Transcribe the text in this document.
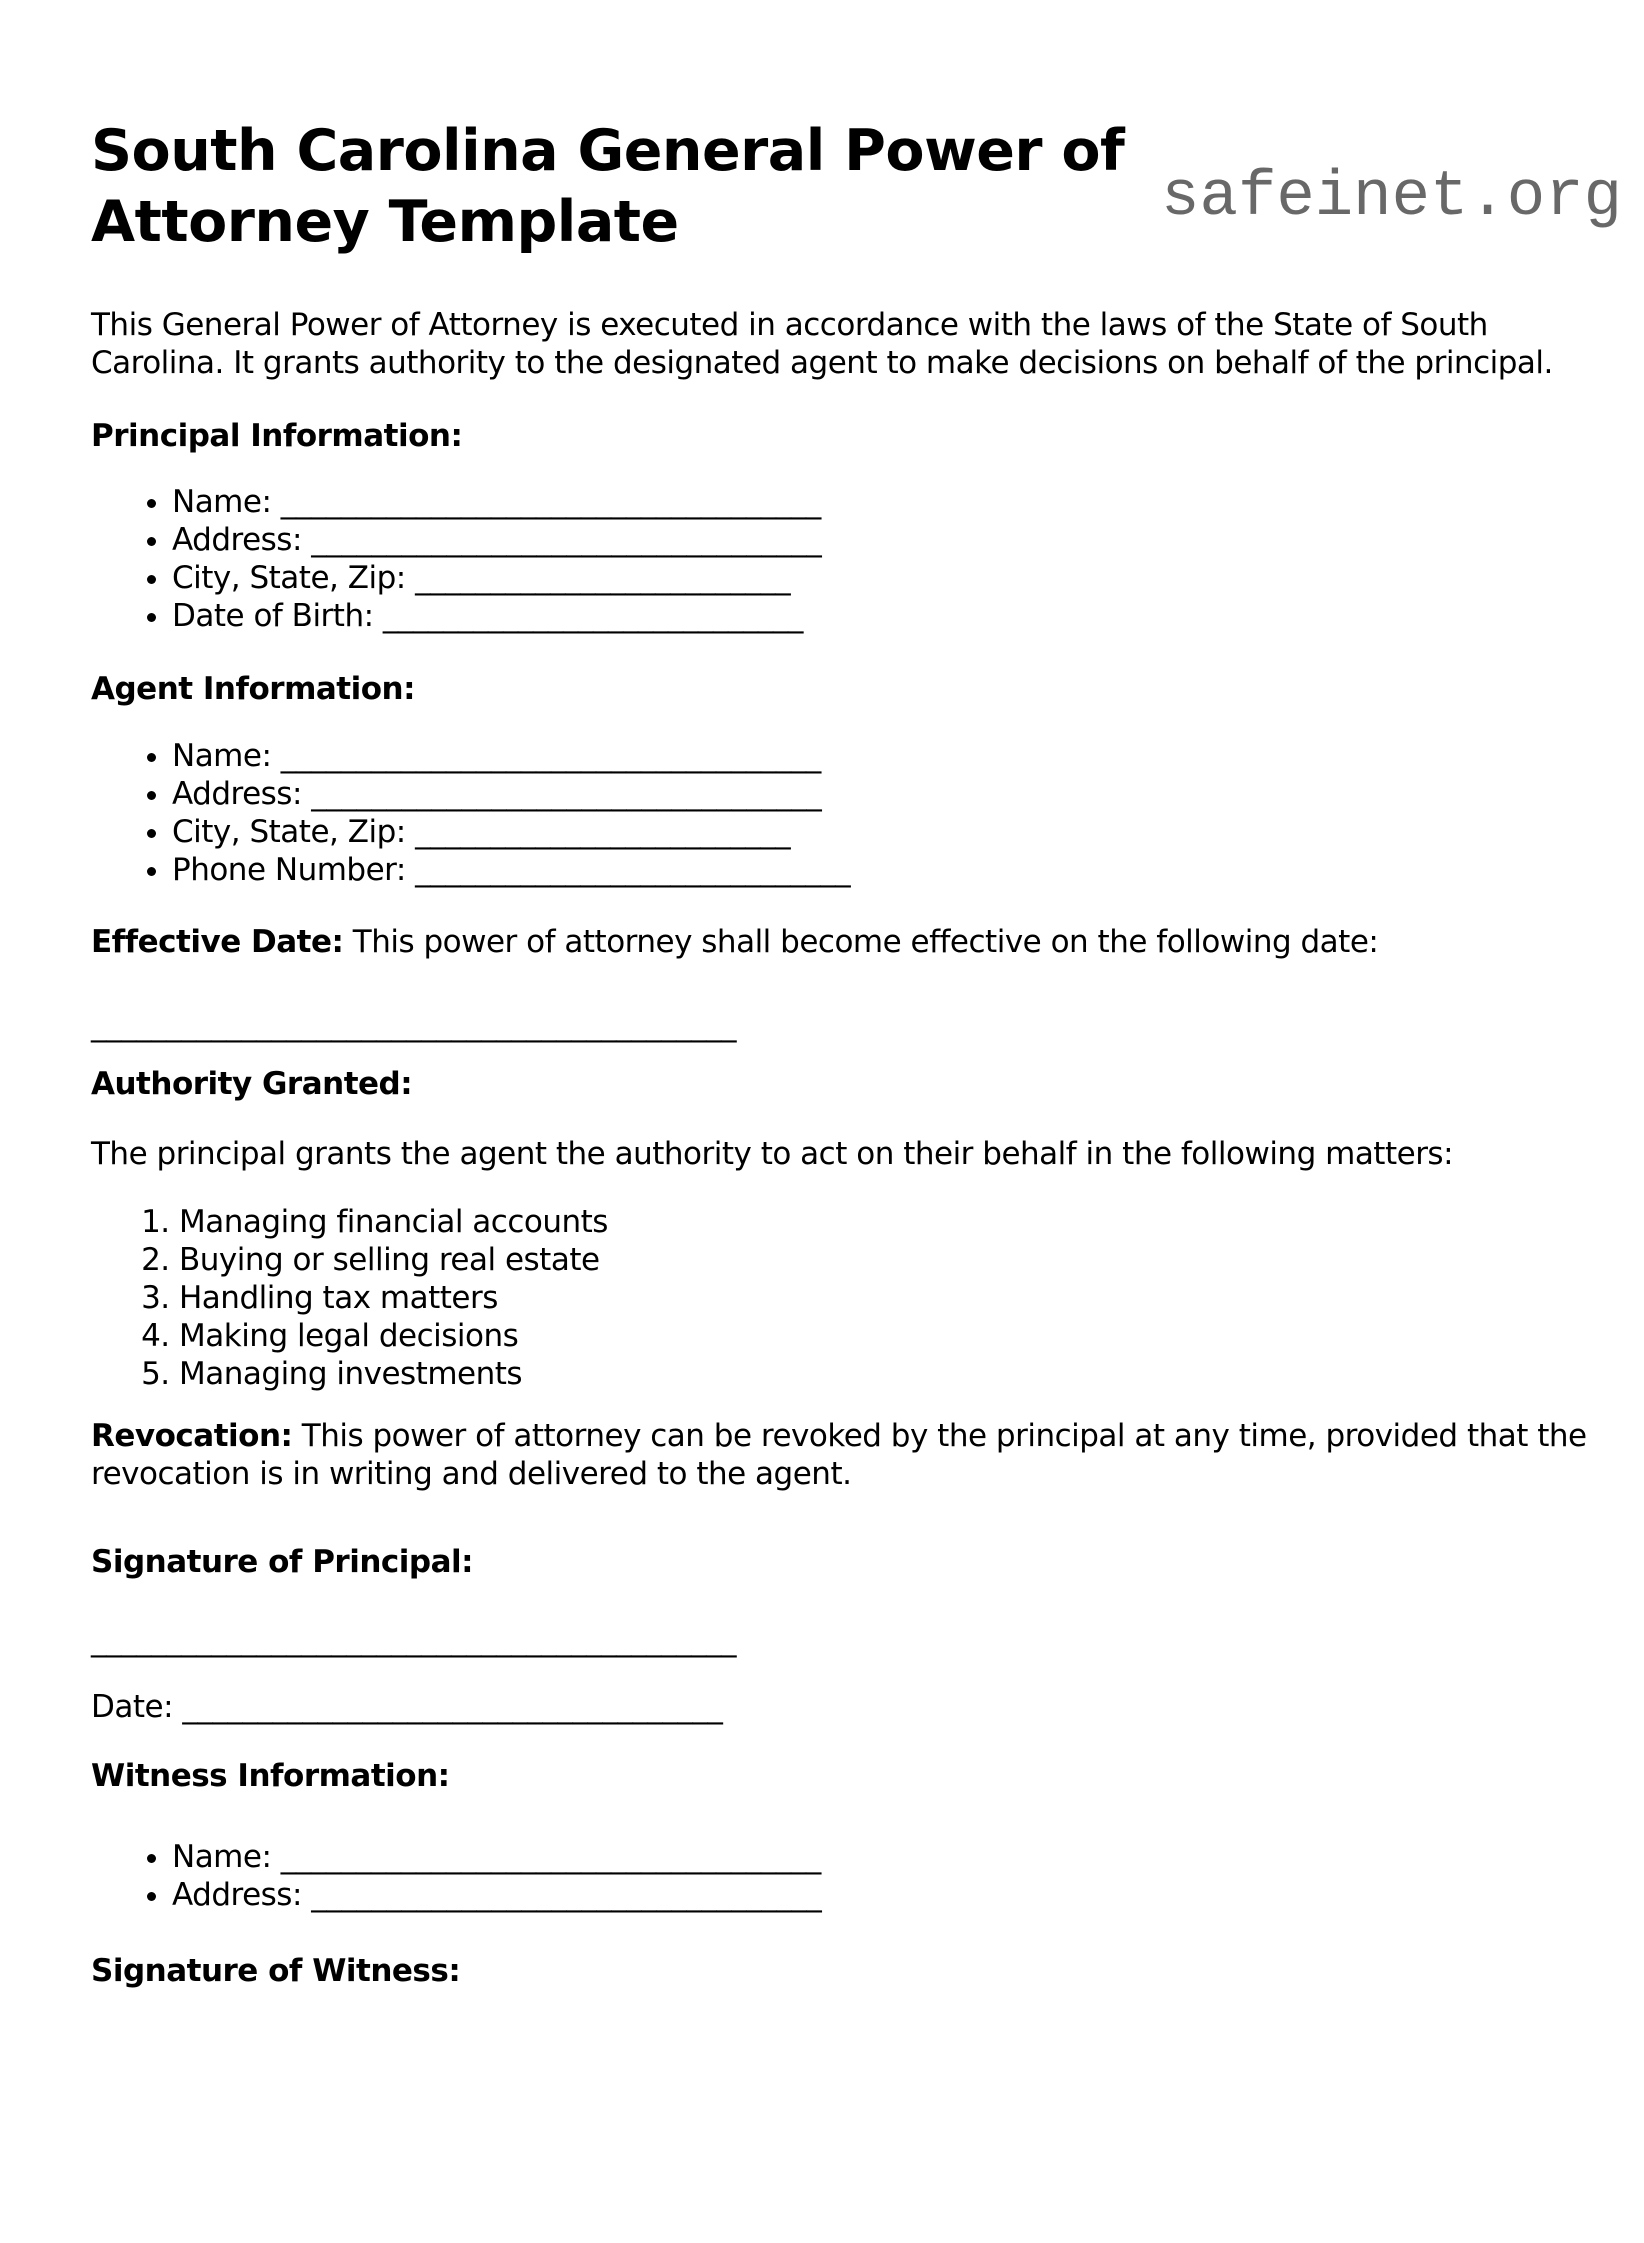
safeinet.org
South Carolina General Power of Attorney Template

This General Power of Attorney is executed in accordance with the laws of the State of South Carolina. It grants authority to the designated agent to make decisions on behalf of the principal.

Principal Information:
• Name: ____________________________________
• Address: __________________________________
• City, State, Zip: _________________________
• Date of Birth: ____________________________
Agent Information:
• Name: ____________________________________
• Address: __________________________________
• City, State, Zip: _________________________
• Phone Number: _____________________________

Effective Date: This power of attorney shall become effective on the following date:

___________________________________________

Authority Granted:

The principal grants the agent the authority to act on their behalf in the following matters:

1. Managing financial accounts
2. Buying or selling real estate
3. Handling tax matters
4. Making legal decisions
5. Managing investments

Revocation: This power of attorney can be revoked by the principal at any time, provided that the revocation is in writing and delivered to the agent.

Signature of Principal:

___________________________________________

Date: ____________________________________

Witness Information:
• Name: ____________________________________
• Address: __________________________________
Signature of Witness:
